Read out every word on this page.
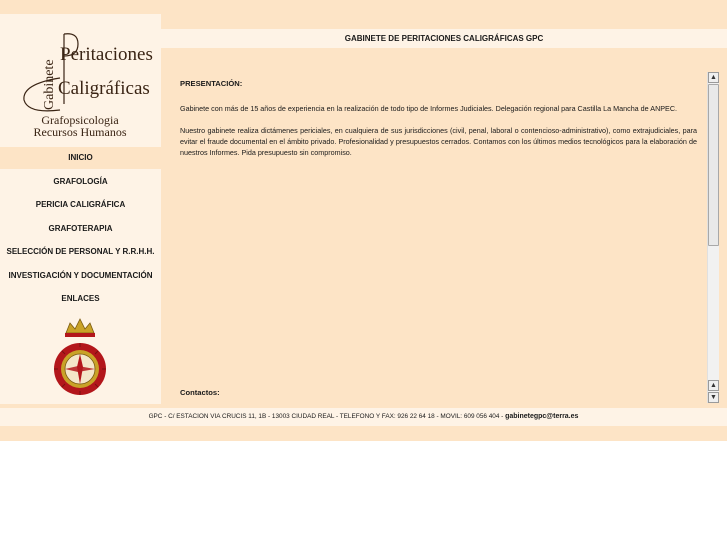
Gabinete
Peritaciones
Caligráficas
Grafopsicologia
Recursos Humanos
INICIO
GRAFOLOGÍA
PERICIA CALIGRÁFICA
GRAFOTERAPIA
SELECCIÓN DE PERSONAL Y R.R.H.H.
INVESTIGACIÓN Y DOCUMENTACIÓN
ENLACES
GABINETE DE PERITACIONES CALIGRÁFICAS GPC

PRESENTACIÓN:

Gabinete con más de 15 años de experiencia en la realización de todo tipo de Informes Judiciales. Delegación regional para Castilla La Mancha de ANPEC.

Nuestro gabinete realiza dictámenes periciales, en cualquiera de sus jurisdicciones (civil, penal, laboral o contencioso-administrativo), como extrajudiciales, para evitar el fraude documental en el ámbito privado. Profesionalidad y presupuestos cerrados. Contamos con los últimos medios tecnológicos para la elaboración de nuestros Informes. Pida presupuesto sin compromiso.

Contactos:
▲
▲
▼
GPC - C/ ESTACION VIA CRUCIS 11, 1B - 13003 CIUDAD REAL - TELEFONO Y FAX: 926 22 64 18 - MOVIL: 609 056 404 - gabinetegpc@terra.es
